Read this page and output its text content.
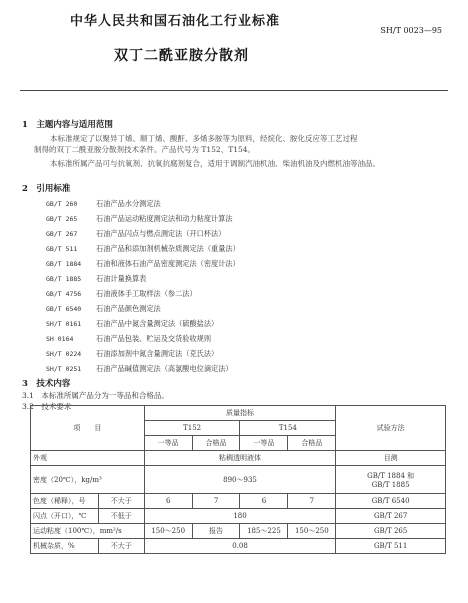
中华人民共和国石油化工行业标准
SH/T 0023—95
双丁二酰亚胺分散剂
1　主题内容与适用范围
本标准规定了以聚异丁烯、顺丁烯、酸酐、多烯多胺等为原料，经烷化、胺化反应等工艺过程
制得的双丁二酰亚胺分散剂技术条件。产品代号为 T152、T154。
本标准所属产品可与抗氧剂、抗氧抗腐剂复合，适用于调制汽油机油、柴油机油及内燃机油等油品。
2　引用标准
GB/T 260	石油产品水分测定法
GB/T 265	石油产品运动粘度测定法和动力粘度计算法
GB/T 267	石油产品闪点与燃点测定法（开口杯法）
GB/T 511	石油产品和添加剂机械杂质测定法（重量法）
GB/T 1884 石油和液体石油产品密度测定法（密度计法）
GB/T 1885 石油计量换算表
GB/T 4756 石油液体手工取样法（参二法）
GB/T 6540 石油产品颜色测定法
SH/T 0161 石油产品中氮含量测定法（硫酸盐法）
SH 0164	石油产品包装、贮运及交货验收规则
SH/T 0224 石油添加剂中氮含量测定法（克氏法）
SH/T 0251 石油产品碱值测定法（高氯酸电位滴定法）
3　技术内容
3.1　本标准所属产品分为一等品和合格品。
3.2　技术要求
项　　目		质量指标				试验方法
		T152		T154		
		一等品	合格品	一等品	合格品	
外观		粘稠透明液体				目测
密度（20℃），kg/m³		890～935				GB/T 1884 和
GB/T 1885

色度（稀释），号	不大于	6	7	6	7	GB/T 6540
闪点（开口），℃	不低于	180				GB/T 267
运动粘度（100℃），mm²/s		150～250	报告	185～225	150～250	GB/T 265
机械杂质，%	不大于	0.08				GB/T 511
